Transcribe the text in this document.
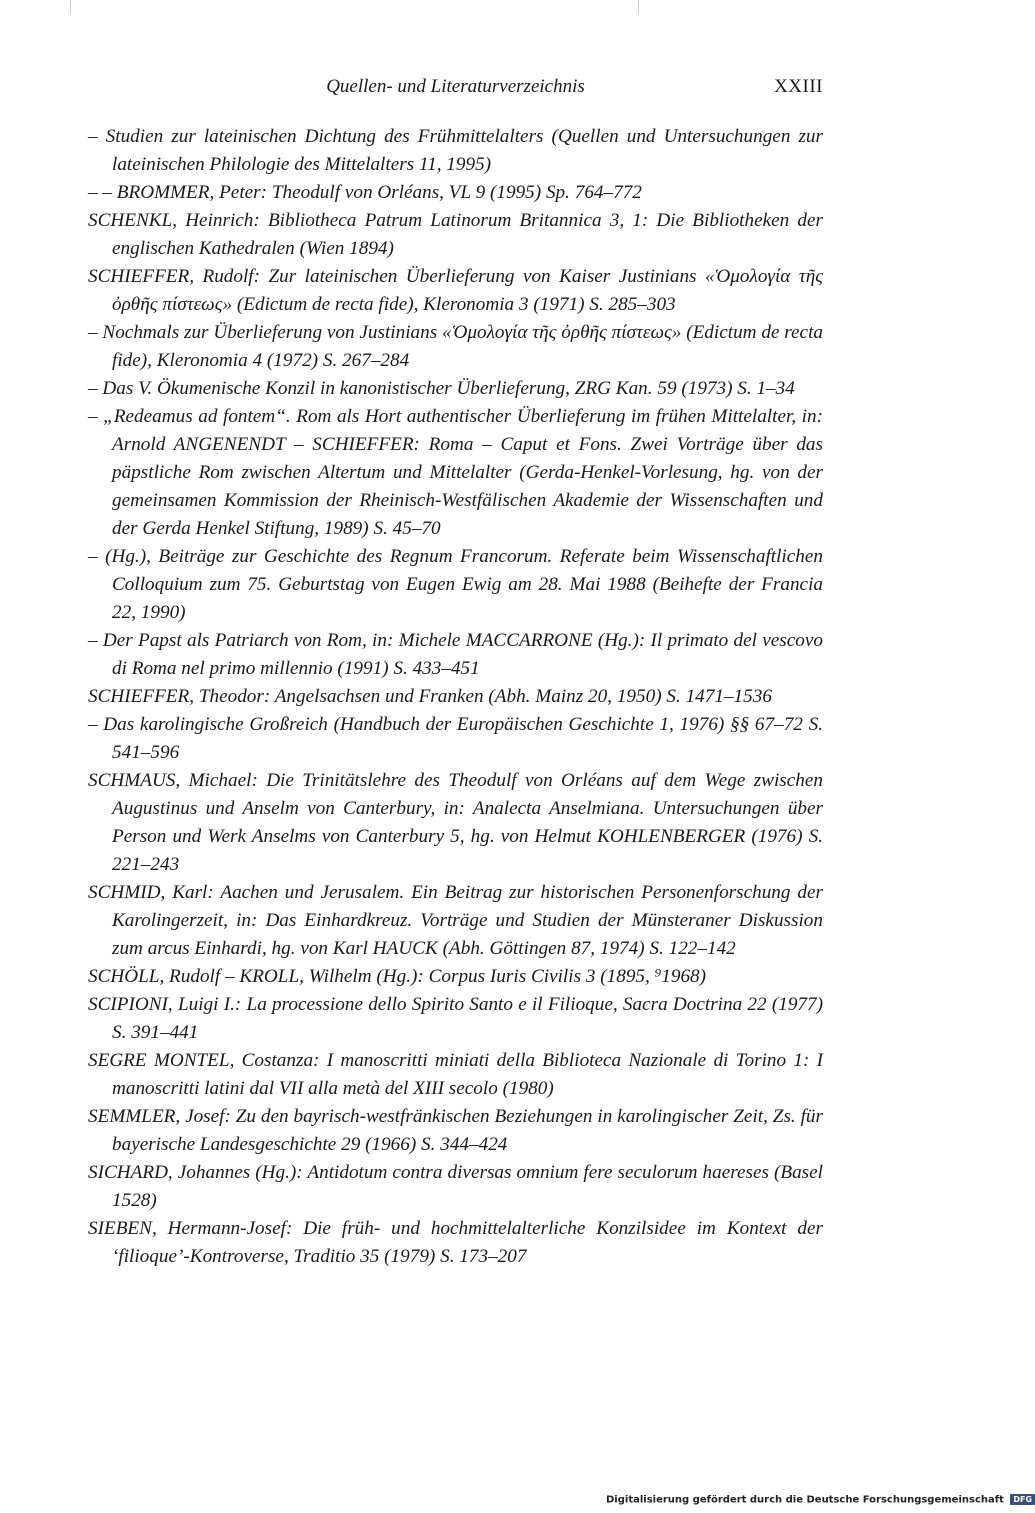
Quellen- und Literaturverzeichnis	XXIII

– Studien zur lateinischen Dichtung des Frühmittelalters (Quellen und Untersuchungen zur lateinischen Philologie des Mittelalters 11, 1995)

– – BROMMER, Peter: Theodulf von Orléans, VL 9 (1995) Sp. 764–772

SCHENKL, Heinrich: Bibliotheca Patrum Latinorum Britannica 3, 1: Die Bibliotheken der englischen Kathedralen (Wien 1894)

SCHIEFFER, Rudolf: Zur lateinischen Überlieferung von Kaiser Justinians «Ὁμολογία τῆς ὀρθῆς πίστεως» (Edictum de recta fide), Kleronomia 3 (1971) S. 285–303

– Nochmals zur Überlieferung von Justinians «Ὁμολογία τῆς ὀρθῆς πίστεως» (Edictum de recta fide), Kleronomia 4 (1972) S. 267–284

– Das V. Ökumenische Konzil in kanonistischer Überlieferung, ZRG Kan. 59 (1973) S. 1–34

– „Redeamus ad fontem“. Rom als Hort authentischer Überlieferung im frühen Mittelalter, in: Arnold ANGENENDT – SCHIEFFER: Roma – Caput et Fons. Zwei Vorträge über das päpstliche Rom zwischen Altertum und Mittelalter (Gerda-Henkel-Vorlesung, hg. von der gemeinsamen Kommission der Rheinisch-Westfälischen Akademie der Wissenschaften und der Gerda Henkel Stiftung, 1989) S. 45–70

– (Hg.), Beiträge zur Geschichte des Regnum Francorum. Referate beim Wissenschaftlichen Colloquium zum 75. Geburtstag von Eugen Ewig am 28. Mai 1988 (Beihefte der Francia 22, 1990)

– Der Papst als Patriarch von Rom, in: Michele MACCARRONE (Hg.): Il primato del vescovo di Roma nel primo millennio (1991) S. 433–451

SCHIEFFER, Theodor: Angelsachsen und Franken (Abh. Mainz 20, 1950) S. 1471–1536

– Das karolingische Großreich (Handbuch der Europäischen Geschichte 1, 1976) §§ 67–72 S. 541–596

SCHMAUS, Michael: Die Trinitätslehre des Theodulf von Orléans auf dem Wege zwischen Augustinus und Anselm von Canterbury, in: Analecta Anselmiana. Untersuchungen über Person und Werk Anselms von Canterbury 5, hg. von Helmut KOHLENBERGER (1976) S. 221–243

SCHMID, Karl: Aachen und Jerusalem. Ein Beitrag zur historischen Personenforschung der Karolingerzeit, in: Das Einhardkreuz. Vorträge und Studien der Münsteraner Diskussion zum arcus Einhardi, hg. von Karl HAUCK (Abh. Göttingen 87, 1974) S. 122–142

SCHÖLL, Rudolf – KROLL, Wilhelm (Hg.): Corpus Iuris Civilis 3 (1895, ⁹1968)

SCIPIONI, Luigi I.: La processione dello Spirito Santo e il Filioque, Sacra Doctrina 22 (1977) S. 391–441

SEGRE MONTEL, Costanza: I manoscritti miniati della Biblioteca Nazionale di Torino 1: I manoscritti latini dal VII alla metà del XIII secolo (1980)

SEMMLER, Josef: Zu den bayrisch-westfränkischen Beziehungen in karolingischer Zeit, Zs. für bayerische Landesgeschichte 29 (1966) S. 344–424

SICHARD, Johannes (Hg.): Antidotum contra diversas omnium fere seculorum haereses (Basel 1528)

SIEBEN, Hermann-Josef: Die früh- und hochmittelalterliche Konzilsidee im Kontext der ‘filioque’-Kontroverse, Traditio 35 (1979) S. 173–207

Digitalisierung gefördert durch die Deutsche Forschungsgemeinschaft DFG
